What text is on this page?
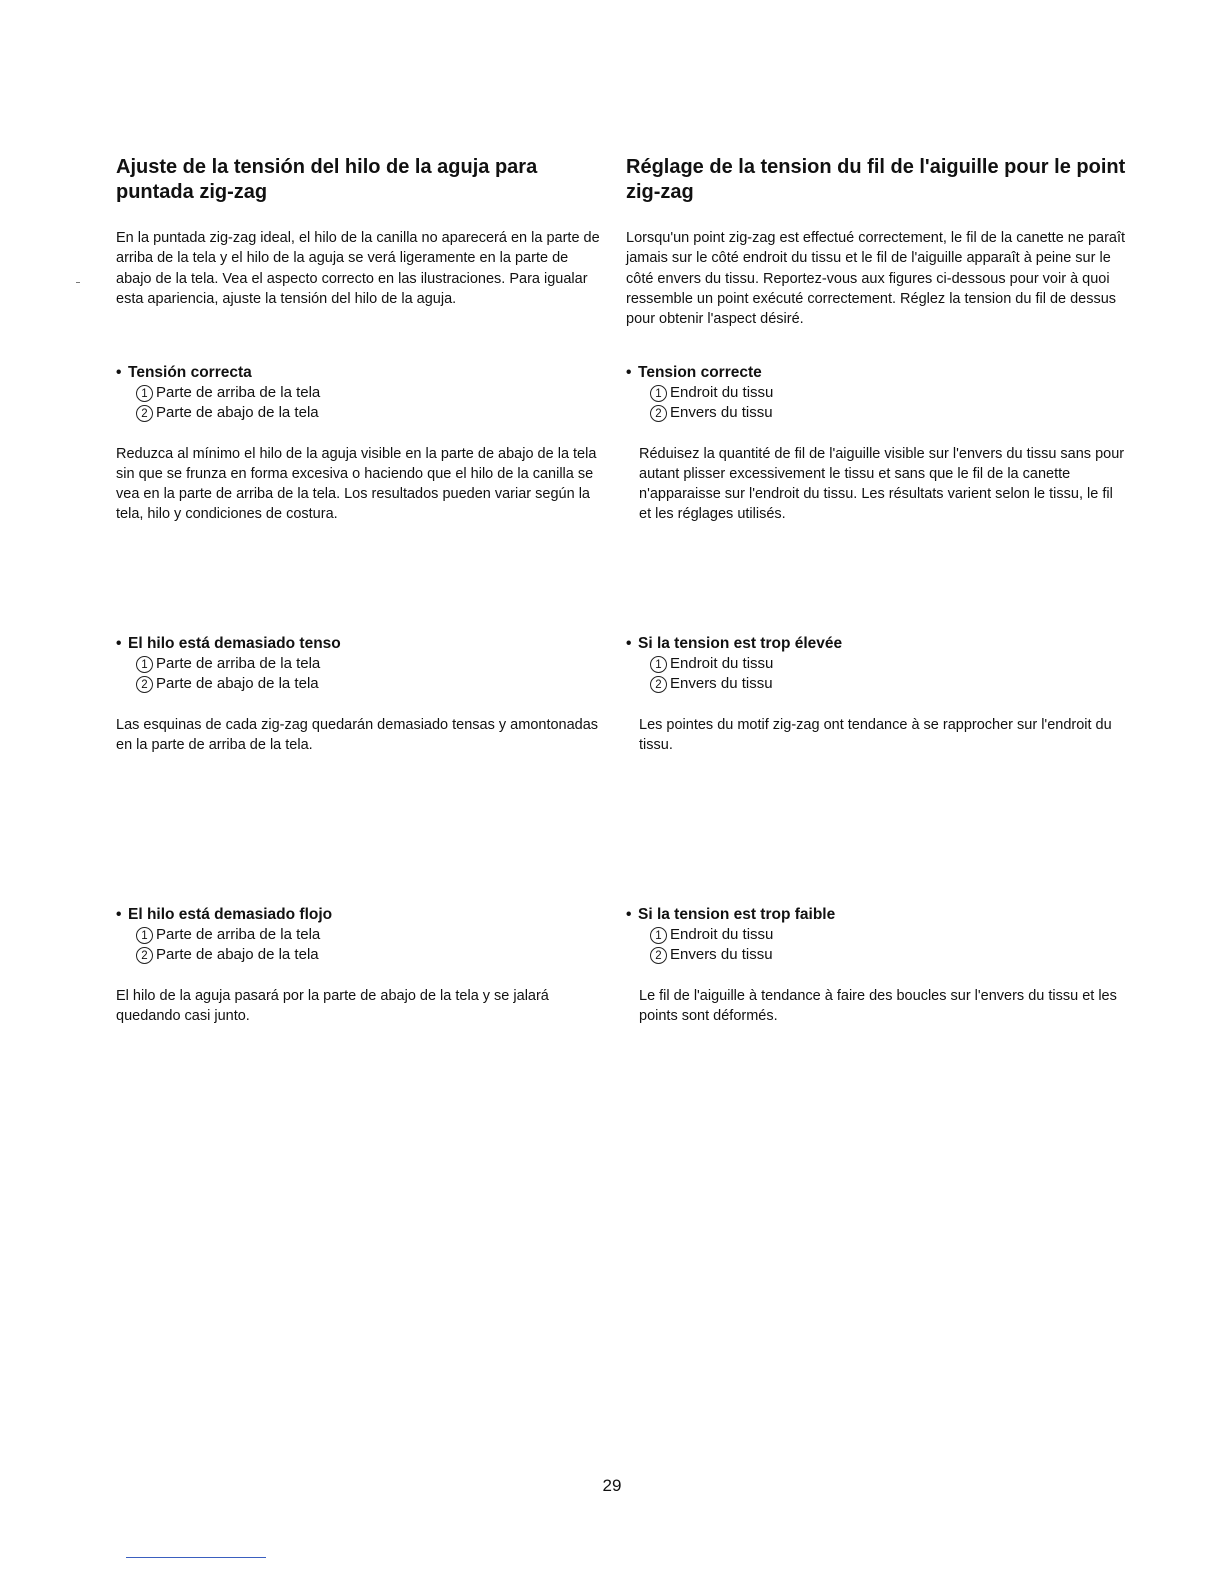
Ajuste de la tensión del hilo de la aguja para puntada zig-zag

En la puntada zig-zag ideal, el hilo de la canilla no aparecerá en la parte de arriba de la tela y el hilo de la aguja se verá ligeramente en la parte de abajo de la tela. Vea el aspecto correcto en las ilustraciones. Para igualar esta apariencia, ajuste la tensión del hilo de la aguja.

• Tensión correcta

1 Parte de arriba de la tela
2 Parte de abajo de la tela

Reduzca al mínimo el hilo de la aguja visible en la parte de abajo de la tela sin que se frunza en forma excesiva o haciendo que el hilo de la canilla se vea en la parte de arriba de la tela. Los resultados pueden variar según la tela, hilo y condiciones de costura.

• El hilo está demasiado tenso

1 Parte de arriba de la tela
2 Parte de abajo de la tela

Las esquinas de cada zig-zag quedarán demasiado tensas y amontonadas en la parte de arriba de la tela.

• El hilo está demasiado flojo

1 Parte de arriba de la tela
2 Parte de abajo de la tela

El hilo de la aguja pasará por la parte de abajo de la tela y se jalará quedando casi junto.

Réglage de la tension du fil de l'aiguille pour le point zig-zag

Lorsqu'un point zig-zag est effectué correctement, le fil de la canette ne paraît jamais sur le côté endroit du tissu et le fil de l'aiguille apparaît à peine sur le côté envers du tissu. Reportez-vous aux figures ci-dessous pour voir à quoi ressemble un point exécuté correctement. Réglez la tension du fil de dessus pour obtenir l'aspect désiré.

• Tension correcte

1 Endroit du tissu
2 Envers du tissu

Réduisez la quantité de fil de l'aiguille visible sur l'envers du tissu sans pour autant plisser excessivement le tissu et sans que le fil de la canette n'apparaisse sur l'endroit du tissu. Les résultats varient selon le tissu, le fil et les réglages utilisés.

• Si la tension est trop élevée

1 Endroit du tissu
2 Envers du tissu

Les pointes du motif zig-zag ont tendance à se rapprocher sur l'endroit du tissu.

• Si la tension est trop faible

1 Endroit du tissu
2 Envers du tissu

Le fil de l'aiguille à tendance à faire des boucles sur l'envers du tissu et les points sont déformés.

29
